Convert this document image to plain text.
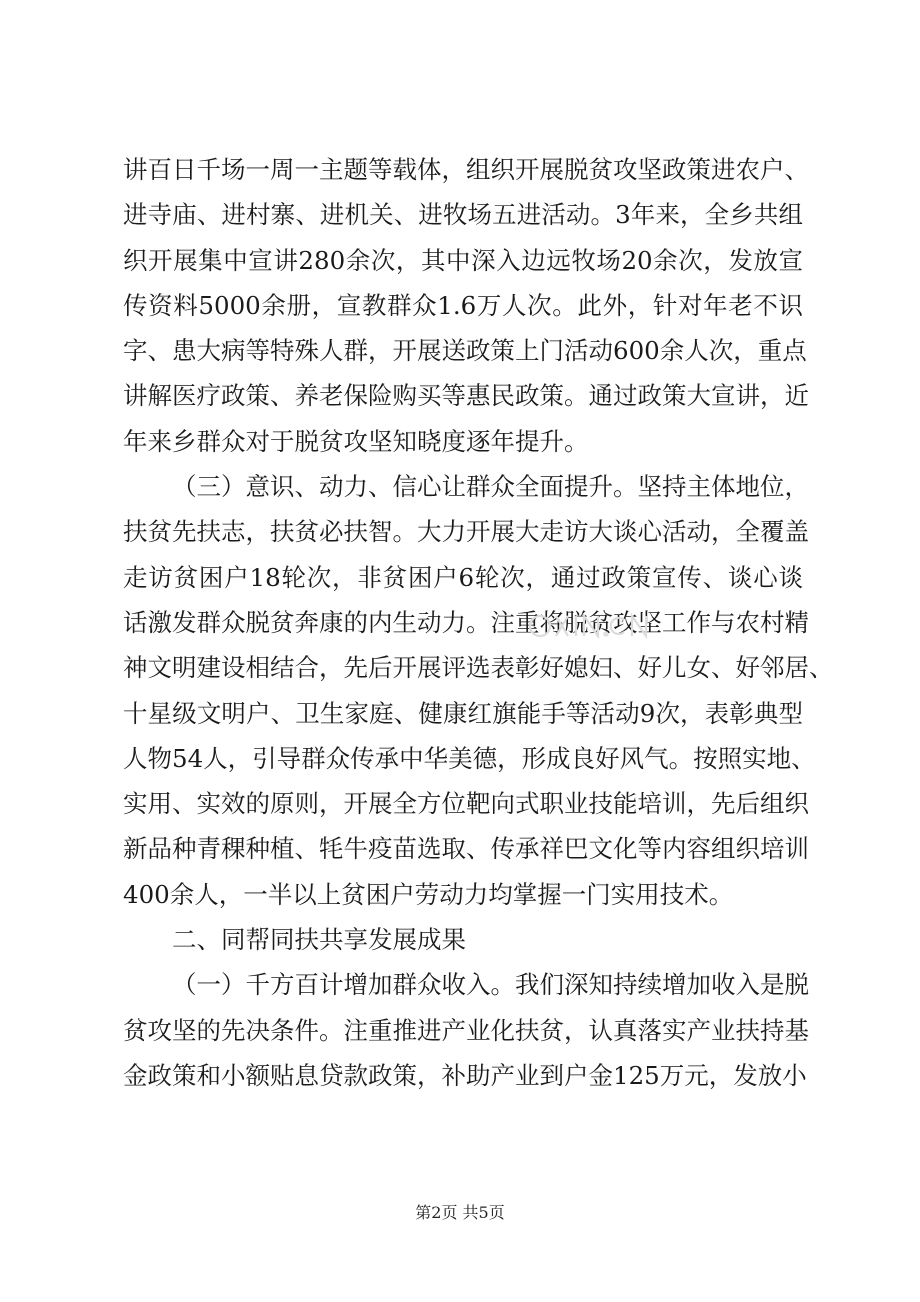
讲百日千场一周一主题等载体，组织开展脱贫攻坚政策进农户、
进寺庙、进村寨、进机关、进牧场五进活动。3年来，全乡共组
织开展集中宣讲280余次，其中深入边远牧场20余次，发放宣
传资料5000余册，宣教群众1.6万人次。此外，针对年老不识
字、患大病等特殊人群，开展送政策上门活动600余人次，重点
讲解医疗政策、养老保险购买等惠民政策。通过政策大宣讲，近
年来乡群众对于脱贫攻坚知晓度逐年提升。
（三）意识、动力、信心让群众全面提升。坚持主体地位，
扶贫先扶志，扶贫必扶智。大力开展大走访大谈心活动，全覆盖
走访贫困户18轮次，非贫困户6轮次，通过政策宣传、谈心谈
话激发群众脱贫奔康的内生动力。注重将脱贫攻坚工作与农村精
神文明建设相结合，先后开展评选表彰好媳妇、好儿女、好邻居、
十星级文明户、卫生家庭、健康红旗能手等活动9次，表彰典型
人物54人，引导群众传承中华美德，形成良好风气。按照实地、
实用、实效的原则，开展全方位靶向式职业技能培训，先后组织
新品种青稞种植、牦牛疫苗选取、传承祥巴文化等内容组织培训
400余人，一半以上贫困户劳动力均掌握一门实用技术。
二、同帮同扶共享发展成果
（一）千方百计增加群众收入。我们深知持续增加收入是脱
贫攻坚的先决条件。注重推进产业化扶贫，认真落实产业扶持基
金政策和小额贴息贷款政策，补助产业到户金125万元，发放小
第2页 共5页
